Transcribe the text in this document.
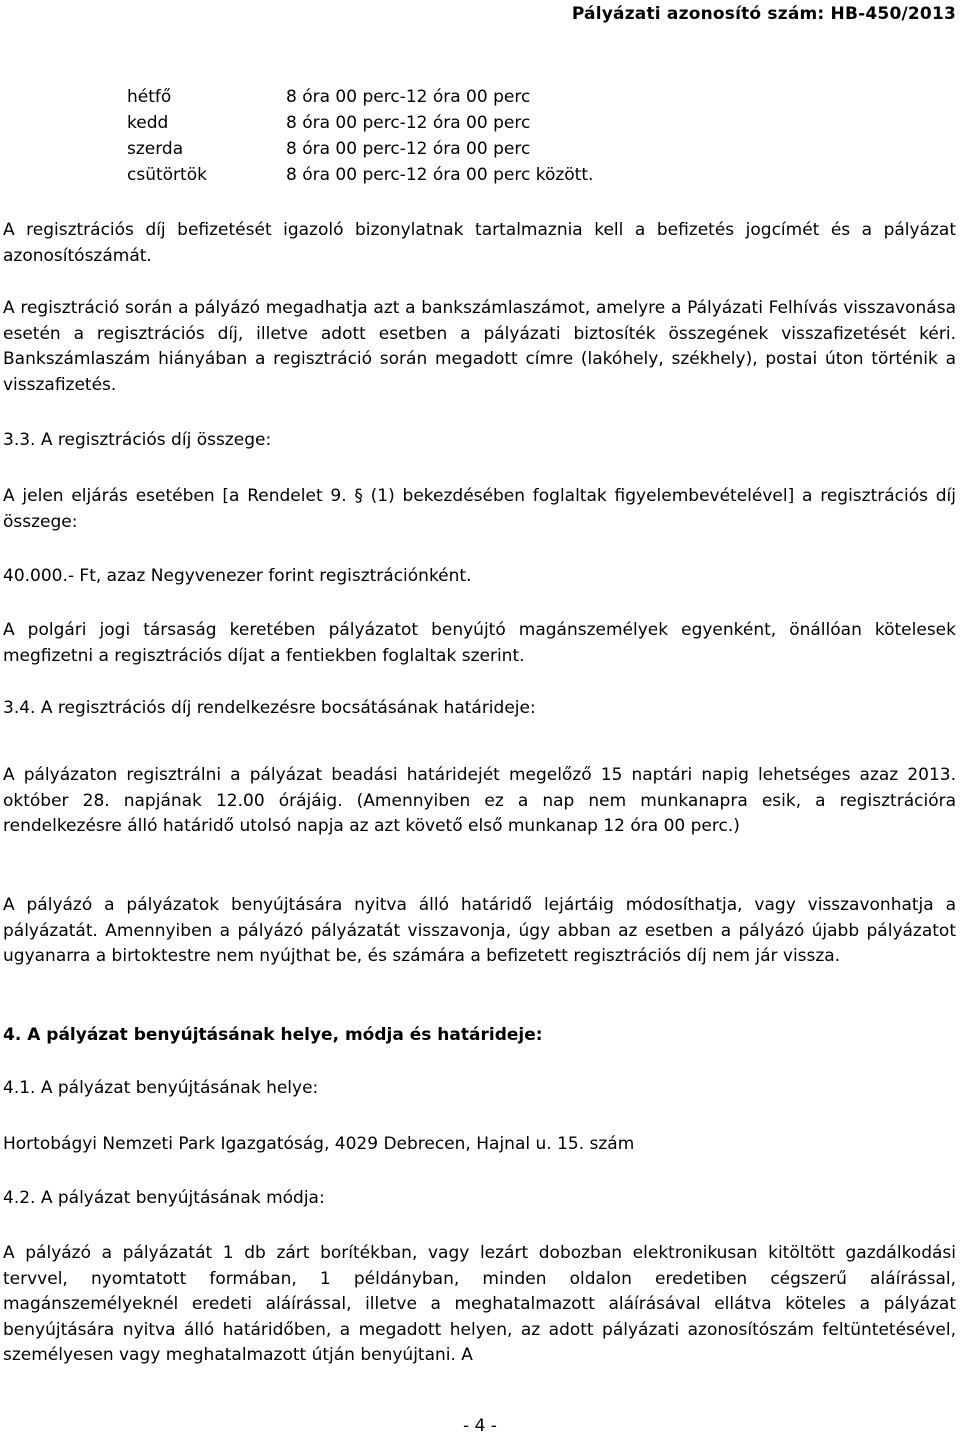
Pályázati azonosító szám: HB-450/2013
hétfő	8 óra 00 perc-12 óra 00 perc
kedd	8 óra 00 perc-12 óra 00 perc
szerda	8 óra 00 perc-12 óra 00 perc
csütörtök	8 óra 00 perc-12 óra 00 perc között.

A regisztrációs díj befizetését igazoló bizonylatnak tartalmaznia kell a befizetés jogcímét és a pályázat azonosítószámát.

A regisztráció során a pályázó megadhatja azt a bankszámlaszámot, amelyre a Pályázati Felhívás visszavonása esetén a regisztrációs díj, illetve adott esetben a pályázati biztosíték összegének visszafizetését kéri. Bankszámlaszám hiányában a regisztráció során megadott címre (lakóhely, székhely), postai úton történik a visszafizetés.

3.3. A regisztrációs díj összege:

A jelen eljárás esetében [a Rendelet 9. § (1) bekezdésében foglaltak figyelembevételével] a regisztrációs díj összege:

40.000.- Ft, azaz Negyvenezer forint regisztrációnként.

A polgári jogi társaság keretében pályázatot benyújtó magánszemélyek egyenként, önállóan kötelesek megfizetni a regisztrációs díjat a fentiekben foglaltak szerint.

3.4. A regisztrációs díj rendelkezésre bocsátásának határideje:

A pályázaton regisztrálni a pályázat beadási határidejét megelőző 15 naptári napig lehetséges azaz 2013. október 28. napjának 12.00 órájáig. (Amennyiben ez a nap nem munkanapra esik, a regisztrációra rendelkezésre álló határidő utolsó napja az azt követő első munkanap 12 óra 00 perc.)

A pályázó a pályázatok benyújtására nyitva álló határidő lejártáig módosíthatja, vagy visszavonhatja a pályázatát. Amennyiben a pályázó pályázatát visszavonja, úgy abban az esetben a pályázó újabb pályázatot ugyanarra a birtoktestre nem nyújthat be, és számára a befizetett regisztrációs díj nem jár vissza.

4. A pályázat benyújtásának helye, módja és határideje:

4.1. A pályázat benyújtásának helye:

Hortobágyi Nemzeti Park Igazgatóság, 4029 Debrecen, Hajnal u. 15. szám

4.2. A pályázat benyújtásának módja:

A pályázó a pályázatát 1 db zárt borítékban, vagy lezárt dobozban elektronikusan kitöltött gazdálkodási tervvel, nyomtatott formában, 1 példányban, minden oldalon eredetiben cégszerű aláírással, magánszemélyeknél eredeti aláírással, illetve a meghatalmazott aláírásával ellátva köteles a pályázat benyújtására nyitva álló határidőben, a megadott helyen, az adott pályázati azonosítószám feltüntetésével, személyesen vagy meghatalmazott útján benyújtani. A

- 4 -
